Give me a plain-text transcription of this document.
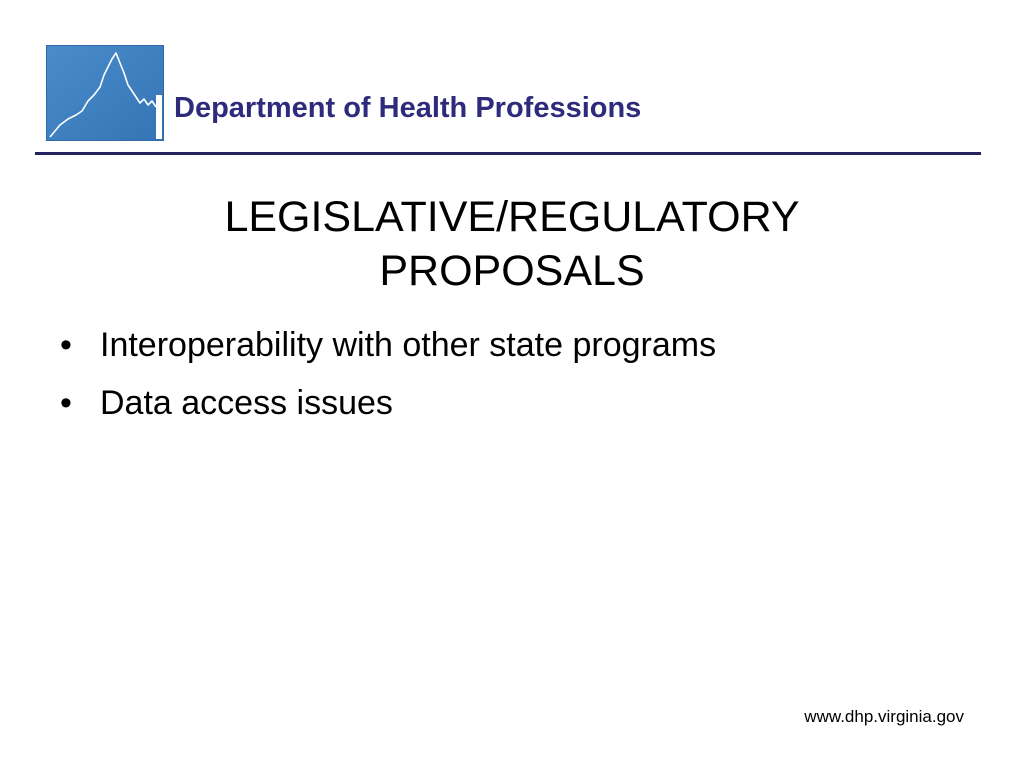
Department of Health Professions
LEGISLATIVE/REGULATORY
PROPOSALS
• Interoperability with other state programs
• Data access issues
www.dhp.virginia.gov
